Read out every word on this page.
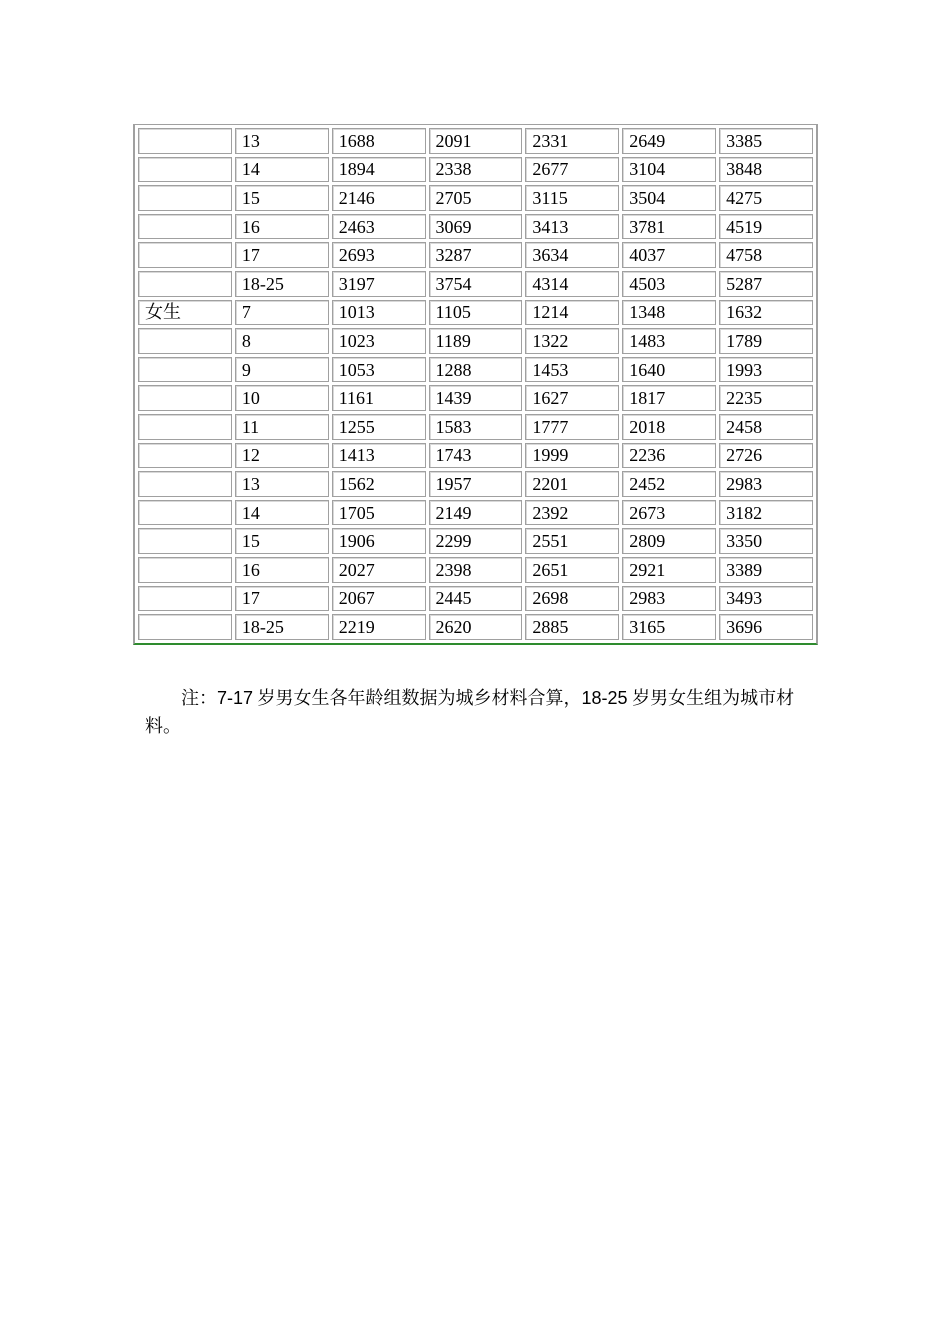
	13	1688	2091	2331	2649	3385
	14	1894	2338	2677	3104	3848
	15	2146	2705	3115	3504	4275
	16	2463	3069	3413	3781	4519
	17	2693	3287	3634	4037	4758
	18-25	3197	3754	4314	4503	5287
女生	7	1013	1105	1214	1348	1632
	8	1023	1189	1322	1483	1789
	9	1053	1288	1453	1640	1993
	10	1161	1439	1627	1817	2235
	11	1255	1583	1777	2018	2458
	12	1413	1743	1999	2236	2726
	13	1562	1957	2201	2452	2983
	14	1705	2149	2392	2673	3182
	15	1906	2299	2551	2809	3350
	16	2027	2398	2651	2921	3389
	17	2067	2445	2698	2983	3493
	18-25	2219	2620	2885	3165	3696

注：7-17 岁男女生各年龄组数据为城乡材料合算，18-25 岁男女生组为城市材料。
